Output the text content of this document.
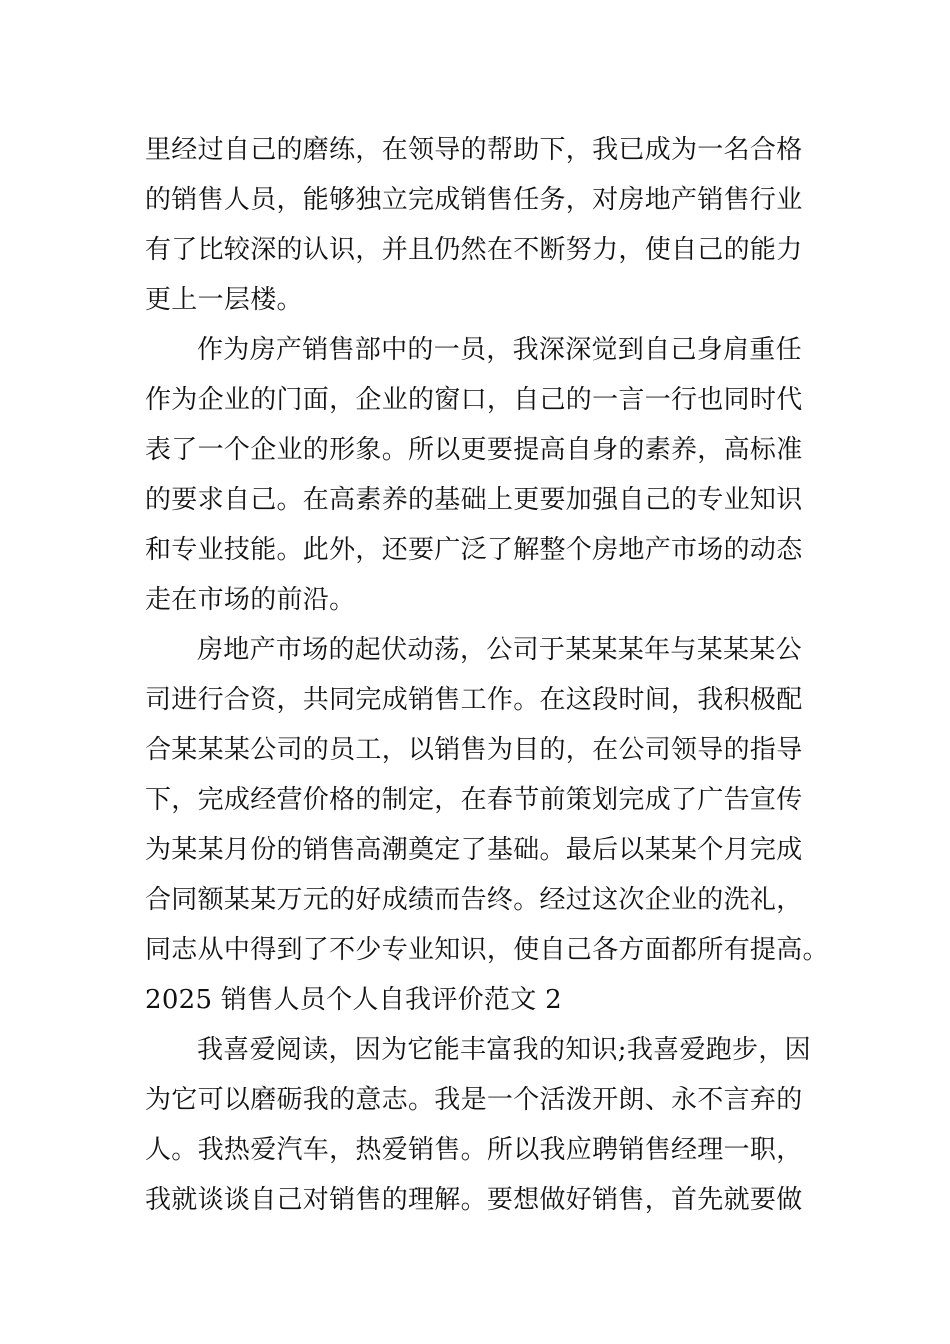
里经过自己的磨练，在领导的帮助下，我已成为一名合格
的销售人员，能够独立完成销售任务，对房地产销售行业
有了比较深的认识，并且仍然在不断努力，使自己的能力
更上一层楼。
作为房产销售部中的一员，我深深觉到自己身肩重任
作为企业的门面，企业的窗口，自己的一言一行也同时代
表了一个企业的形象。所以更要提高自身的素养，高标准
的要求自己。在高素养的基础上更要加强自己的专业知识
和专业技能。此外，还要广泛了解整个房地产市场的动态
走在市场的前沿。
房地产市场的起伏动荡，公司于某某某年与某某某公
司进行合资，共同完成销售工作。在这段时间，我积极配
合某某某公司的员工，以销售为目的，在公司领导的指导
下，完成经营价格的制定，在春节前策划完成了广告宣传
为某某月份的销售高潮奠定了基础。最后以某某个月完成
合同额某某万元的好成绩而告终。经过这次企业的洗礼，
同志从中得到了不少专业知识，使自己各方面都所有提高。
2025 销售人员个人自我评价范文 2
我喜爱阅读，因为它能丰富我的知识;我喜爱跑步，因
为它可以磨砺我的意志。我是一个活泼开朗、永不言弃的
人。我热爱汽车，热爱销售。所以我应聘销售经理一职，
我就谈谈自己对销售的理解。要想做好销售，首先就要做
